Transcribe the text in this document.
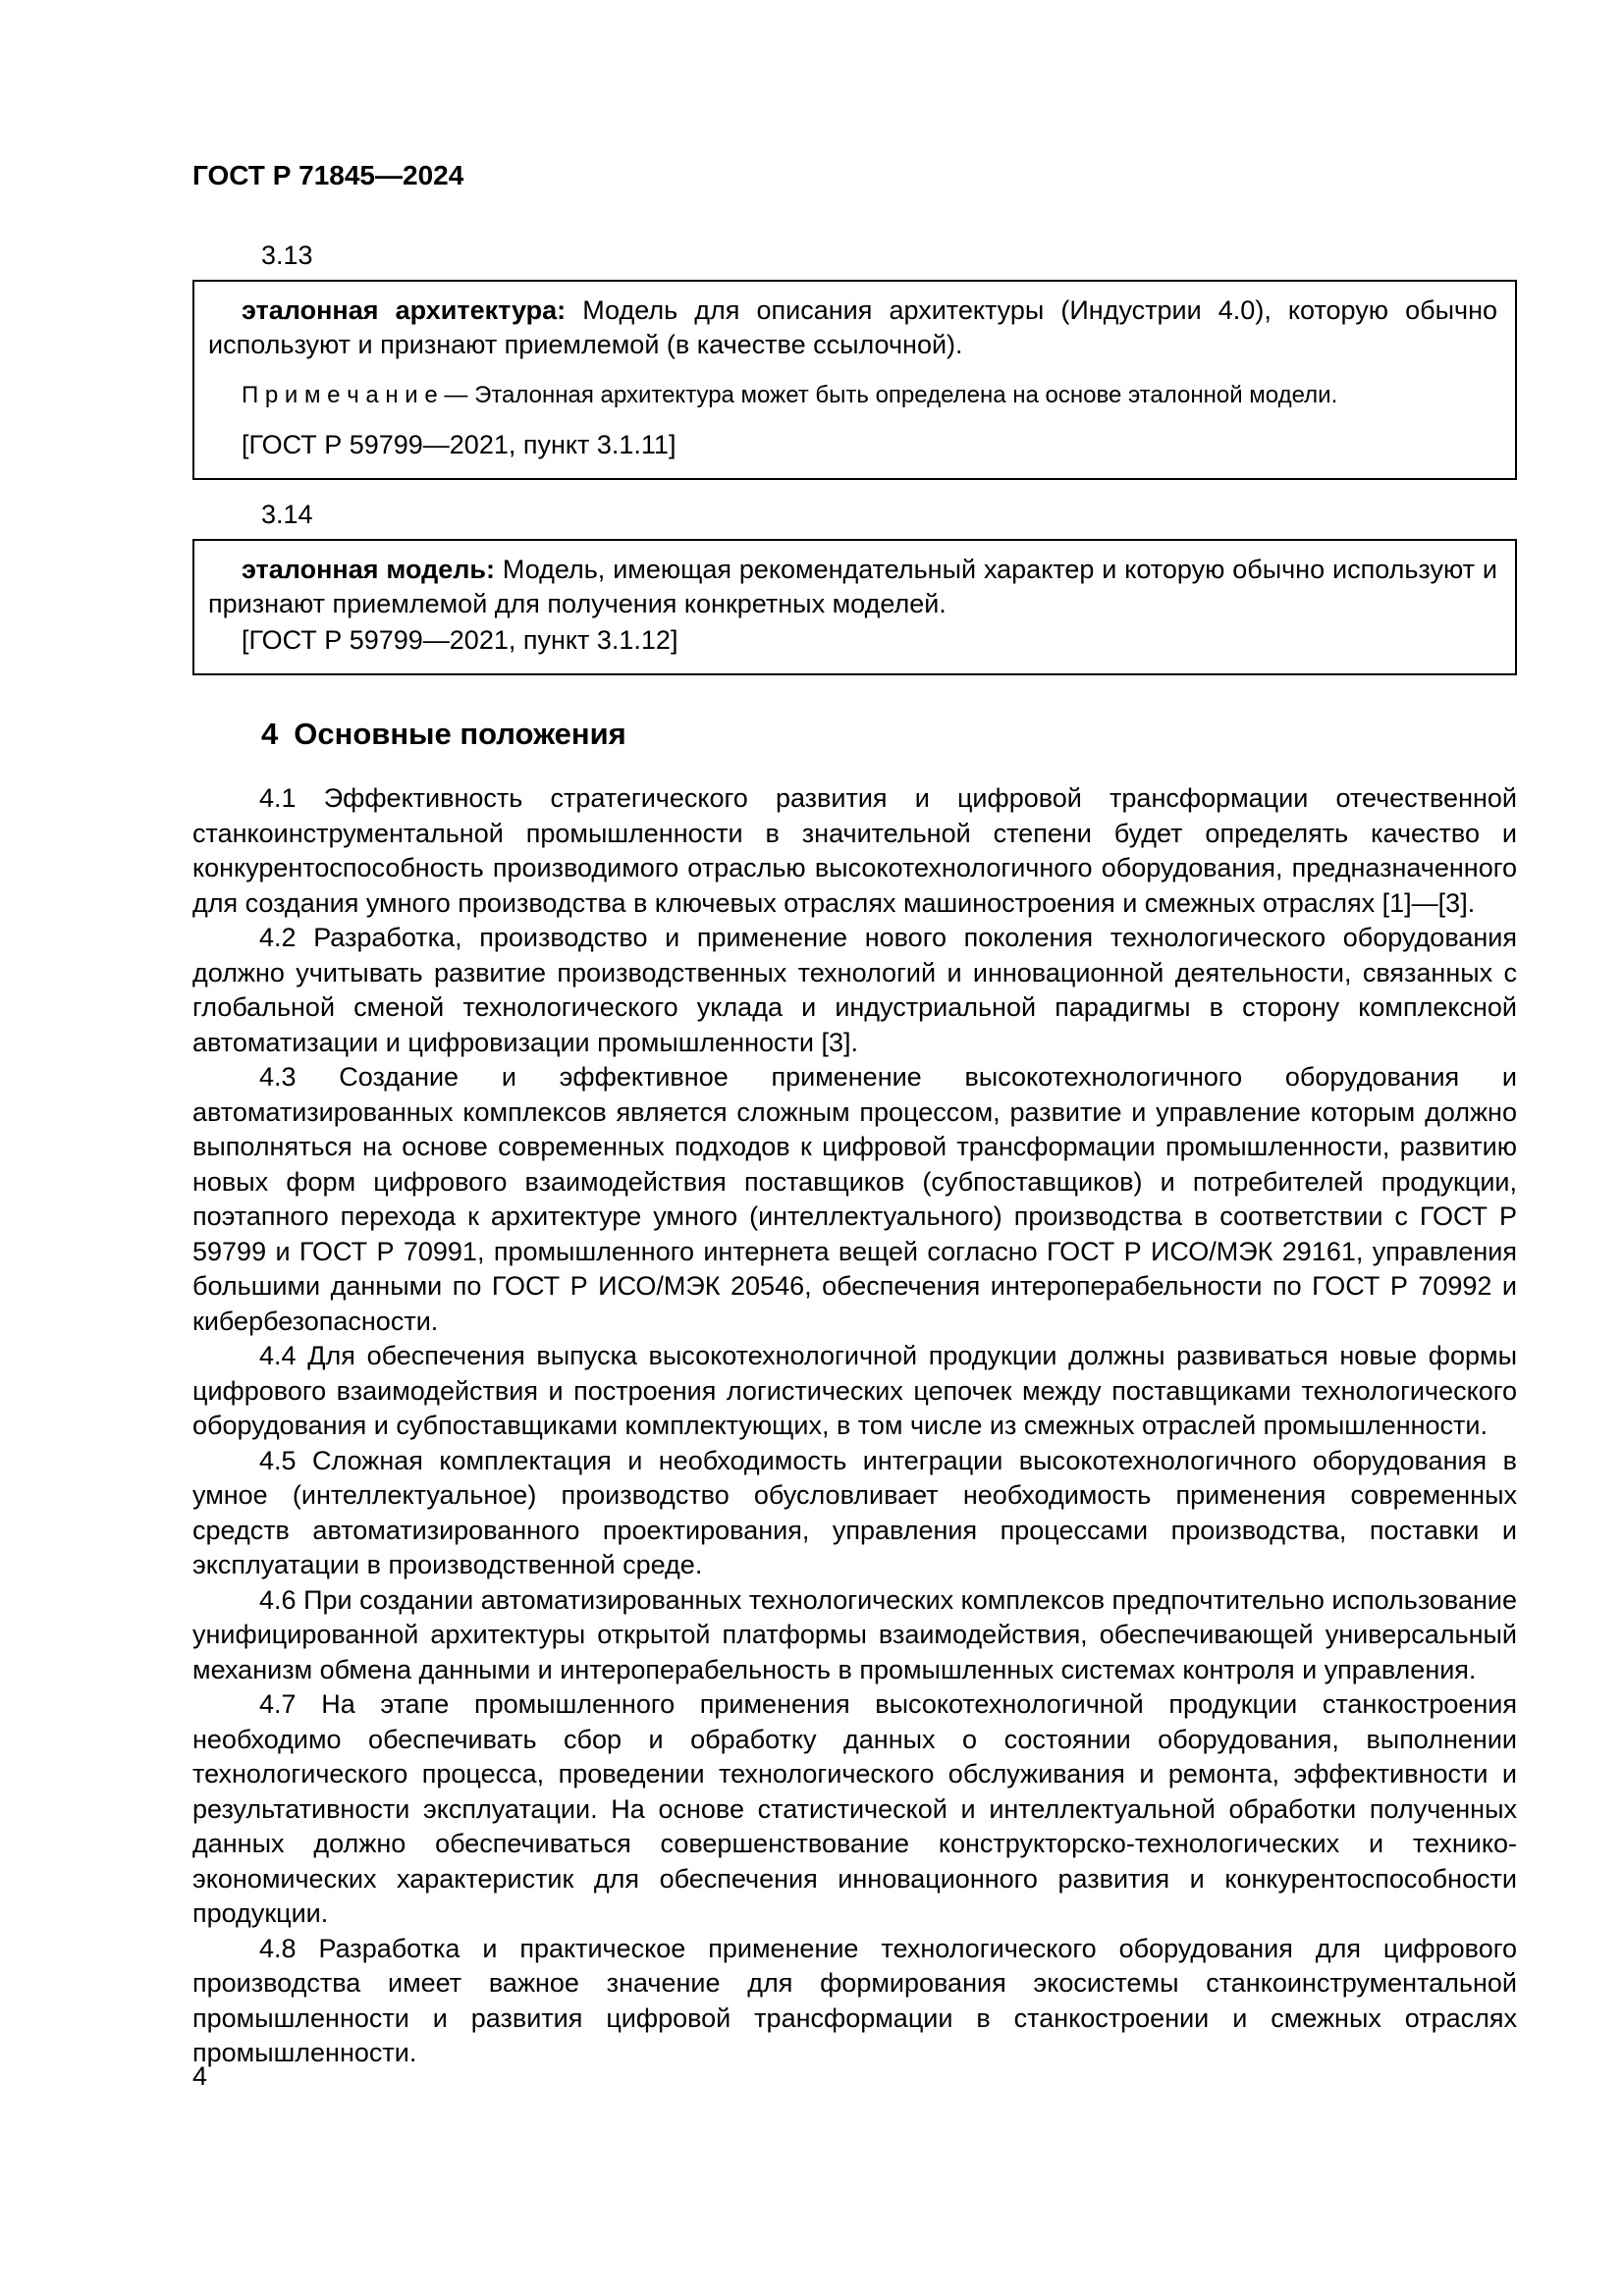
ГОСТ Р 71845—2024
3.13

эталонная архитектура: Модель для описания архитектуры (Индустрии 4.0), которую обычно используют и признают приемлемой (в качестве ссылочной).

П р и м е ч а н и е — Эталонная архитектура может быть определена на основе эталонной модели.

[ГОСТ Р 59799—2021, пункт 3.1.11]

3.14

эталонная модель: Модель, имеющая рекомендательный характер и которую обычно используют и признают приемлемой для получения конкретных моделей.

[ГОСТ Р 59799—2021, пункт 3.1.12]

4 Основные положения

4.1 Эффективность стратегического развития и цифровой трансформации отечественной станкоинструментальной промышленности в значительной степени будет определять качество и конкурентоспособность производимого отраслью высокотехнологичного оборудования, предназначенного для создания умного производства в ключевых отраслях машиностроения и смежных отраслях [1]—[3].

4.2 Разработка, производство и применение нового поколения технологического оборудования должно учитывать развитие производственных технологий и инновационной деятельности, связанных с глобальной сменой технологического уклада и индустриальной парадигмы в сторону комплексной автоматизации и цифровизации промышленности [3].

4.3 Создание и эффективное применение высокотехнологичного оборудования и автоматизированных комплексов является сложным процессом, развитие и управление которым должно выполняться на основе современных подходов к цифровой трансформации промышленности, развитию новых форм цифрового взаимодействия поставщиков (субпоставщиков) и потребителей продукции, поэтапного перехода к архитектуре умного (интеллектуального) производства в соответствии с ГОСТ Р 59799 и ГОСТ Р 70991, промышленного интернета вещей согласно ГОСТ Р ИСО/МЭК 29161, управления большими данными по ГОСТ Р ИСО/МЭК 20546, обеспечения интероперабельности по ГОСТ Р 70992 и кибербезопасности.

4.4 Для обеспечения выпуска высокотехнологичной продукции должны развиваться новые формы цифрового взаимодействия и построения логистических цепочек между поставщиками технологического оборудования и субпоставщиками комплектующих, в том числе из смежных отраслей промышленности.

4.5 Сложная комплектация и необходимость интеграции высокотехнологичного оборудования в умное (интеллектуальное) производство обусловливает необходимость применения современных средств автоматизированного проектирования, управления процессами производства, поставки и эксплуатации в производственной среде.

4.6 При создании автоматизированных технологических комплексов предпочтительно использование унифицированной архитектуры открытой платформы взаимодействия, обеспечивающей универсальный механизм обмена данными и интероперабельность в промышленных системах контроля и управления.

4.7 На этапе промышленного применения высокотехнологичной продукции станкостроения необходимо обеспечивать сбор и обработку данных о состоянии оборудования, выполнении технологического процесса, проведении технологического обслуживания и ремонта, эффективности и результативности эксплуатации. На основе статистической и интеллектуальной обработки полученных данных должно обеспечиваться совершенствование конструкторско-технологических и технико-экономических характеристик для обеспечения инновационного развития и конкурентоспособности продукции.

4.8 Разработка и практическое применение технологического оборудования для цифрового производства имеет важное значение для формирования экосистемы станкоинструментальной промышленности и развития цифровой трансформации в станкостроении и смежных отраслях промышленности.

4
